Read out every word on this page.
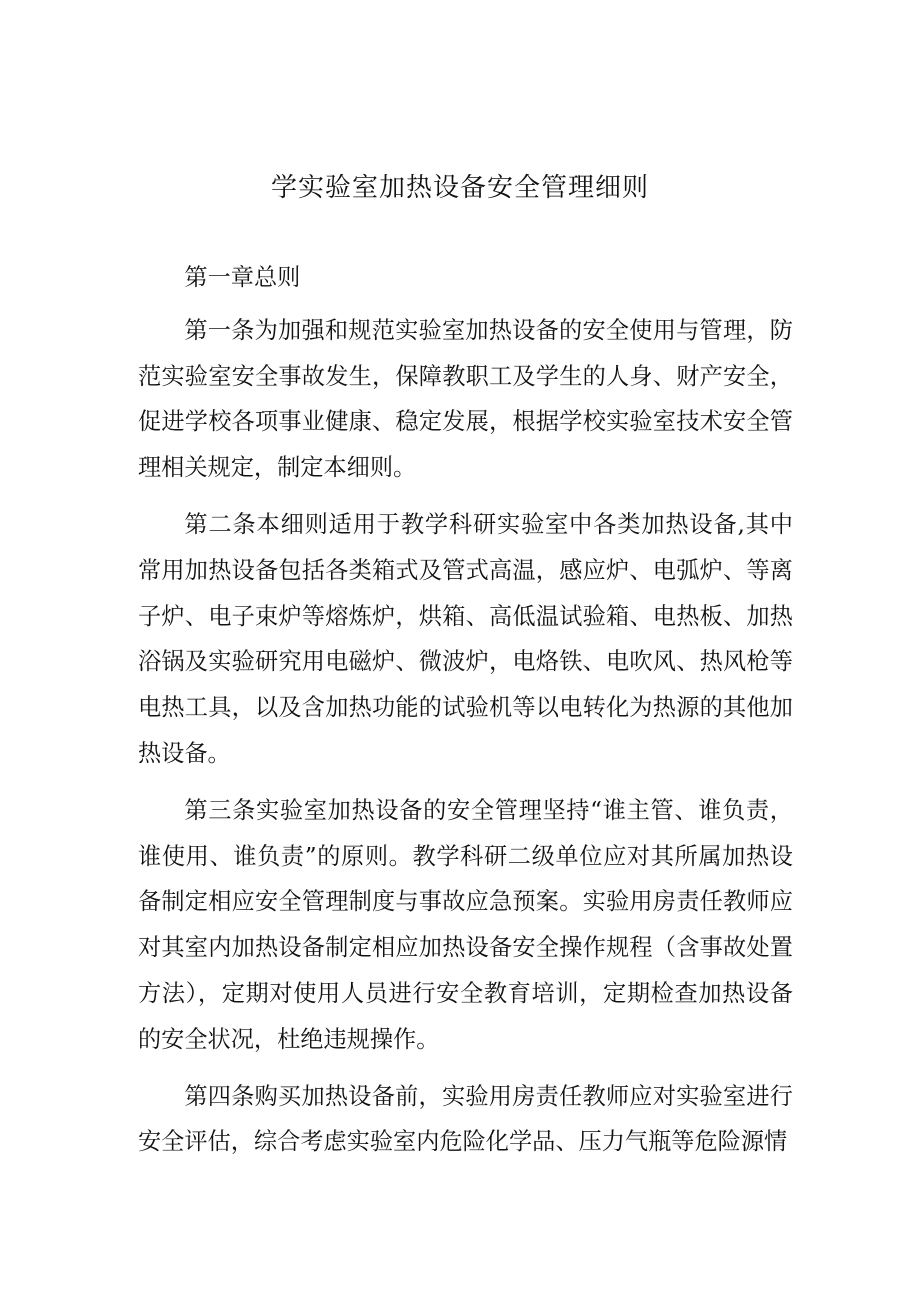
学实验室加热设备安全管理细则

第一章总则

第一条为加强和规范实验室加热设备的安全使用与管理，防范实验室安全事故发生，保障教职工及学生的人身、财产安全，促进学校各项事业健康、稳定发展，根据学校实验室技术安全管理相关规定，制定本细则。

第二条本细则适用于教学科研实验室中各类加热设备,其中常用加热设备包括各类箱式及管式高温，感应炉、电弧炉、等离子炉、电子束炉等熔炼炉，烘箱、高低温试验箱、电热板、加热浴锅及实验研究用电磁炉、微波炉，电烙铁、电吹风、热风枪等电热工具，以及含加热功能的试验机等以电转化为热源的其他加热设备。

第三条实验室加热设备的安全管理坚持“谁主管、谁负责，谁使用、谁负责”的原则。教学科研二级单位应对其所属加热设备制定相应安全管理制度与事故应急预案。实验用房责任教师应对其室内加热设备制定相应加热设备安全操作规程（含事故处置方法），定期对使用人员进行安全教育培训，定期检查加热设备的安全状况，杜绝违规操作。

第四条购买加热设备前，实验用房责任教师应对实验室进行安全评估，综合考虑实验室内危险化学品、压力气瓶等危险源情
